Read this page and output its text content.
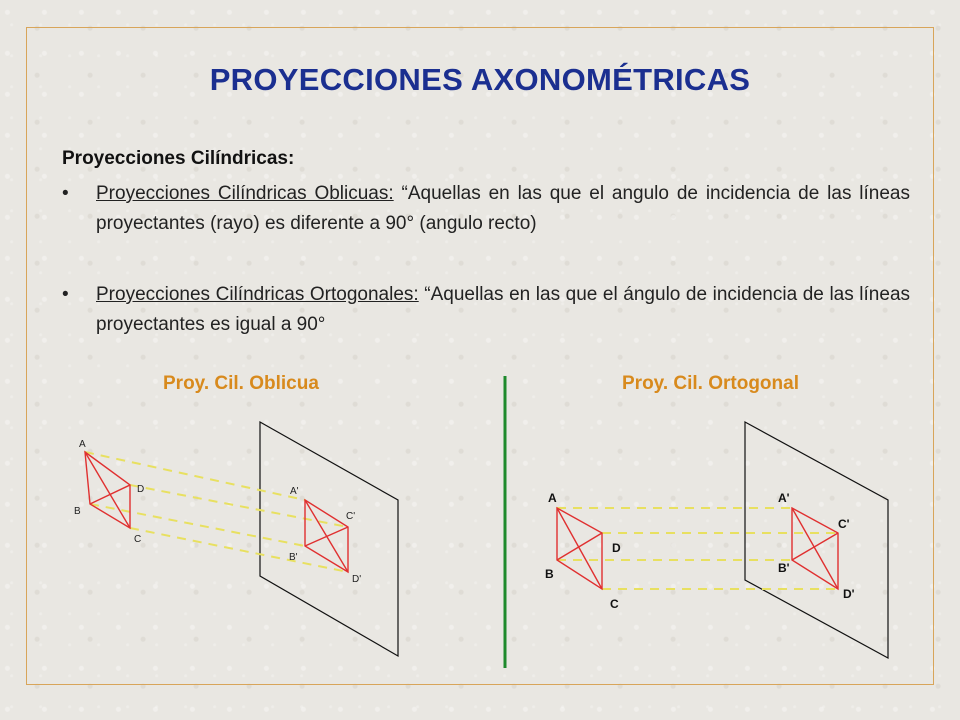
PROYECCIONES AXONOMÉTRICAS
Proyecciones Cilíndricas:
• Proyecciones Cilíndricas Oblicuas: “Aquellas en las que el angulo de incidencia de las líneas proyectantes (rayo) es diferente a 90° (angulo recto)
• Proyecciones Cilíndricas Ortogonales: “Aquellas en las que el ángulo de incidencia de las líneas proyectantes es igual a 90°
Proy. Cil. Oblicua	Proy. Cil. Ortogonal
A
B
C
D	A'
B'
C'
D'
A
B
C
D
A'
B'
C'
D'
